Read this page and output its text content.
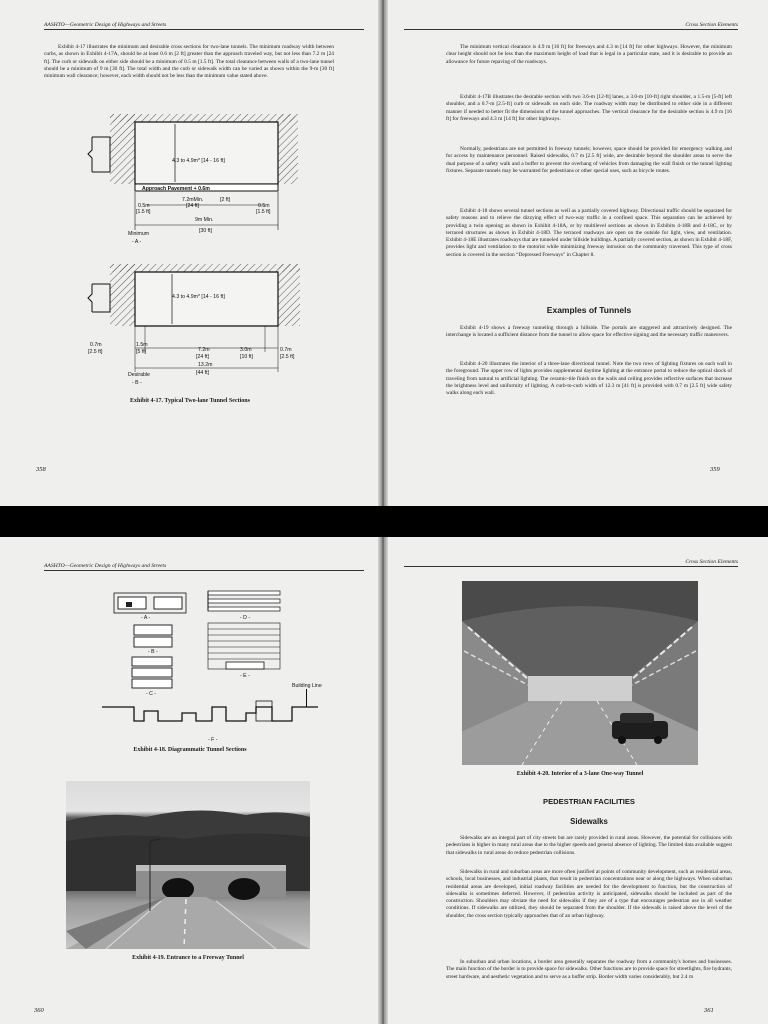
AASHTO—Geometric Design of Highways and Streets

Exhibit 4-17 illustrates the minimum and desirable cross sections for two-lane tunnels. The minimum roadway width between curbs, as shown in Exhibit 4-17A, should be at least 0.6 m [2 ft] greater than the approach traveled way, but not less than 7.2 m [24 ft]. The curb or sidewalk on either side should be a minimum of 0.5 m [1.5 ft]. The total clearance between walls of a two-lane tunnel should be a minimum of 9 m [30 ft]. The total width and the curb or sidewalk width can be varied as shown within the 9-m [30 ft] minimum wall clearance; however, each width should not be less than the minimum value stated above.

4.3 to 4.9m* [14 - 16 ft]
Approach Pavement + 0.6m
7.2mMin.	[2 ft]
[24 ft]
0.5m
[1.5 ft]
0.5m
[1.5 ft]
9m Min.
[30 ft]
Minimum
- A -
4.3 to 4.9m* [14 - 16 ft]
0.7m
[2.5 ft]
1.5m
[5 ft]	7.2m
[24 ft]
3.0m
[10 ft]
0.7m
[2.5 ft]
13.2m
[44 ft]
Desirable
- B -

Exhibit 4-17. Typical Two-lane Tunnel Sections

358
Cross Section Elements

The minimum vertical clearance is 4.9 m [16 ft] for freeways and 4.3 m [14 ft] for other highways. However, the minimum clear height should not be less than the maximum height of load that is legal in a particular state, and it is desirable to provide an allowance for future repaving of the roadways.

Exhibit 4-17B illustrates the desirable section with two 3.6-m [12-ft] lanes, a 3.0-m [10-ft] right shoulder, a 1.5-m [5-ft] left shoulder, and a 0.7-m [2.5-ft] curb or sidewalk on each side. The roadway width may be distributed to either side in a different manner if needed to better fit the dimensions of the tunnel approaches. The vertical clearance for the desirable section is 4.9 m [16 ft] for freeways and 4.3 m [14 ft] for other highways.

Normally, pedestrians are not permitted in freeway tunnels; however, space should be provided for emergency walking and for access by maintenance personnel. Raised sidewalks, 0.7 m [2.5 ft] wide, are desirable beyond the shoulder areas to serve the dual purpose of a safety walk and a buffer to prevent the overhang of vehicles from damaging the wall finish or the tunnel lighting fixtures. Separate tunnels may be warranted for pedestrians or other special uses, such as bicycle routes.

Exhibit 4-18 shows several tunnel sections as well as a partially covered highway. Directional traffic should be separated for safety reasons and to relieve the dizzying effect of two-way traffic in a confined space. This separation can be achieved by providing a twin opening as shown in Exhibit 4-18A, or by multilevel sections as shown in Exhibits 4-18B and 4-18C, or by terraced structures as shown in Exhibit 4-18D. The terraced roadways are open on the outside for light, view, and ventilation. Exhibit 4-18E illustrates roadways that are tunneled under hillside buildings. A partially covered section, as shown in Exhibit 4-18F, provides light and ventilation to the motorist while minimizing freeway intrusion on the community traversed. This type of cross section is covered in the section “Depressed Freeways” in Chapter 8.

Examples of Tunnels

Exhibit 4-19 shows a freeway tunneling through a hillside. The portals are staggered and attractively designed. The interchange is located a sufficient distance from the tunnel to allow space for effective signing and the necessary traffic maneuvers.

Exhibit 4-20 illustrates the interior of a three-lane directional tunnel. Note the two rows of lighting fixtures on each wall in the foreground. The upper row of lights provides supplemental daytime lighting at the entrance portal to reduce the optical shock of traveling from natural to artificial lighting. The ceramic-tile finish on the walls and ceiling provides reflective surfaces that increase the brightness level and uniformity of lighting. A curb-to-curb width of 12.3 m [41 ft] is provided with 0.7 m [2.5 ft] wide safety walks along each wall.

359
AASHTO—Geometric Design of Highways and Streets
- A -	- D -
- B -
- E -
- C -
Building Line
- F -

Exhibit 4-18. Diagrammatic Tunnel Sections

Exhibit 4-19. Entrance to a Freeway Tunnel

360
Cross Section Elements

Exhibit 4-20. Interior of a 3-lane One-way Tunnel

PEDESTRIAN FACILITIES
Sidewalks

Sidewalks are an integral part of city streets but are rarely provided in rural areas. However, the potential for collisions with pedestrians is higher in many rural areas due to the higher speeds and general absence of lighting. The limited data available suggest that sidewalks in rural areas do reduce pedestrian collisions.

Sidewalks in rural and suburban areas are more often justified at points of community development, such as residential areas, schools, local businesses, and industrial plants, that result in pedestrian concentrations near or along the highways. When suburban residential areas are developed, initial roadway facilities are needed for the development to function, but the construction of sidewalks is sometimes deferred. However, if pedestrian activity is anticipated, sidewalks should be included as part of the construction. Shoulders may obviate the need for sidewalks if they are of a type that encourages pedestrian use in all weather conditions. If sidewalks are utilized, they should be separated from the shoulder. If the sidewalk is raised above the level of the shoulder, the cross section typically approaches that of an urban highway.

In suburban and urban locations, a border area generally separates the roadway from a community's homes and businesses. The main function of the border is to provide space for sidewalks. Other functions are to provide space for streetlights, fire hydrants, street hardware, and aesthetic vegetation and to serve as a buffer strip. Border width varies considerably, but 2.4 m

361
